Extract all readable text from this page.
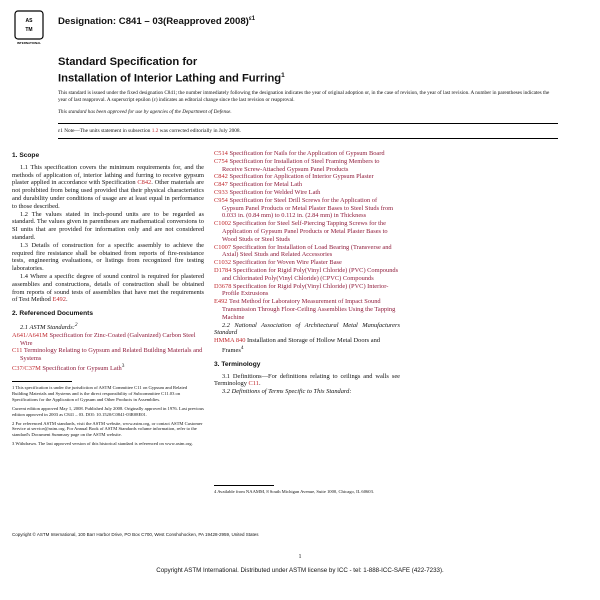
AS
TM
INTERNATIONAL
Designation: C841 – 03(Reapproved 2008)$^{\varepsilon 1}$
Standard Specification for
Installation of Interior Lathing and Furring$^1$

This standard is issued under the fixed designation C841; the number immediately following the designation indicates the year of original adoption or, in the case of revision, the year of last revision. A number in parentheses indicates the year of last reapproval. A superscript epsilon (ε) indicates an editorial change since the last revision or reapproval.

This standard has been approved for use by agencies of the Department of Defense.

ε1 Note—The units statement in subsection 1.2 was corrected editorially in July 2008.
1. Scope

1.1 This specification covers the minimum requirements for, and the methods of application of, interior lathing and furring to receive gypsum plaster applied in accordance with Specification C842. Other materials are not prohibited from being used provided that their physical characteristics and durability under conditions of usage are at least equal in performance to those described.

1.2 The values stated in inch-pound units are to be regarded as standard. The values given in parentheses are mathematical conversions to SI units that are provided for information only and are not considered standard.

1.3 Details of construction for a specific assembly to achieve the required fire resistance shall be obtained from reports of fire-resistance tests, engineering evaluations, or listings from recognized fire testing laboratories.

1.4 Where a specific degree of sound control is required for plastered assemblies and constructions, details of construction shall be obtained from reports of sound tests of assemblies that have met the requirements of Test Method E492.

2. Referenced Documents

2.1 ASTM Standards:$^2$

A641/A641M Specification for Zinc-Coated (Galvanized) Carbon Steel Wire

C11 Terminology Relating to Gypsum and Related Building Materials and Systems

C37/C37M Specification for Gypsum Lath$^3$

1 This specification is under the jurisdiction of ASTM Committee C11 on Gypsum and Related Building Materials and Systems and is the direct responsibility of Subcommittee C11.03 on Specifications for the Application of Gypsum and Other Products in Assemblies.

Current edition approved May 1, 2008. Published July 2008. Originally approved in 1976. Last previous edition approved in 2003 as C841 – 03. DOI: 10.1520/C0841-03R08E01.

2 For referenced ASTM standards, visit the ASTM website, www.astm.org, or contact ASTM Customer Service at service@astm.org. For Annual Book of ASTM Standards volume information, refer to the standard's Document Summary page on the ASTM website.

3 Withdrawn. The last approved version of this historical standard is referenced on www.astm.org.

C514 Specification for Nails for the Application of Gypsum Board

C754 Specification for Installation of Steel Framing Members to Receive Screw-Attached Gypsum Panel Products

C842 Specification for Application of Interior Gypsum Plaster

C847 Specification for Metal Lath

C933 Specification for Welded Wire Lath

C954 Specification for Steel Drill Screws for the Application of Gypsum Panel Products or Metal Plaster Bases to Steel Studs from 0.033 in. (0.84 mm) to 0.112 in. (2.84 mm) in Thickness

C1002 Specification for Steel Self-Piercing Tapping Screws for the Application of Gypsum Panel Products or Metal Plaster Bases to Wood Studs or Steel Studs

C1007 Specification for Installation of Load Bearing (Transverse and Axial) Steel Studs and Related Accessories

C1032 Specification for Woven Wire Plaster Base

D1784 Specification for Rigid Poly(Vinyl Chloride) (PVC) Compounds and Chlorinated Poly(Vinyl Chloride) (CPVC) Compounds

D3678 Specification for Rigid Poly(Vinyl Chloride) (PVC) Interior-Profile Extrusions

E492 Test Method for Laboratory Measurement of Impact Sound Transmission Through Floor-Ceiling Assemblies Using the Tapping Machine

2.2 National Association of Architectural Metal Manufacturers Standard

HMMA 840 Installation and Storage of Hollow Metal Doors and Frames$^4$

3. Terminology

3.1 Definitions—For definitions relating to ceilings and walls see Terminology C11.

3.2 Definitions of Terms Specific to This Standard:

4 Available from NAAMM, 8 South Michigan Avenue, Suite 1000, Chicago, IL 60603.

Copyright © ASTM International, 100 Barr Harbor Drive, PO Box C700, West Conshohocken, PA 19428-2959, United States
1
Copyright ASTM International. Distributed under ASTM license by ICC - tel: 1-888-ICC-SAFE (422-7233).
